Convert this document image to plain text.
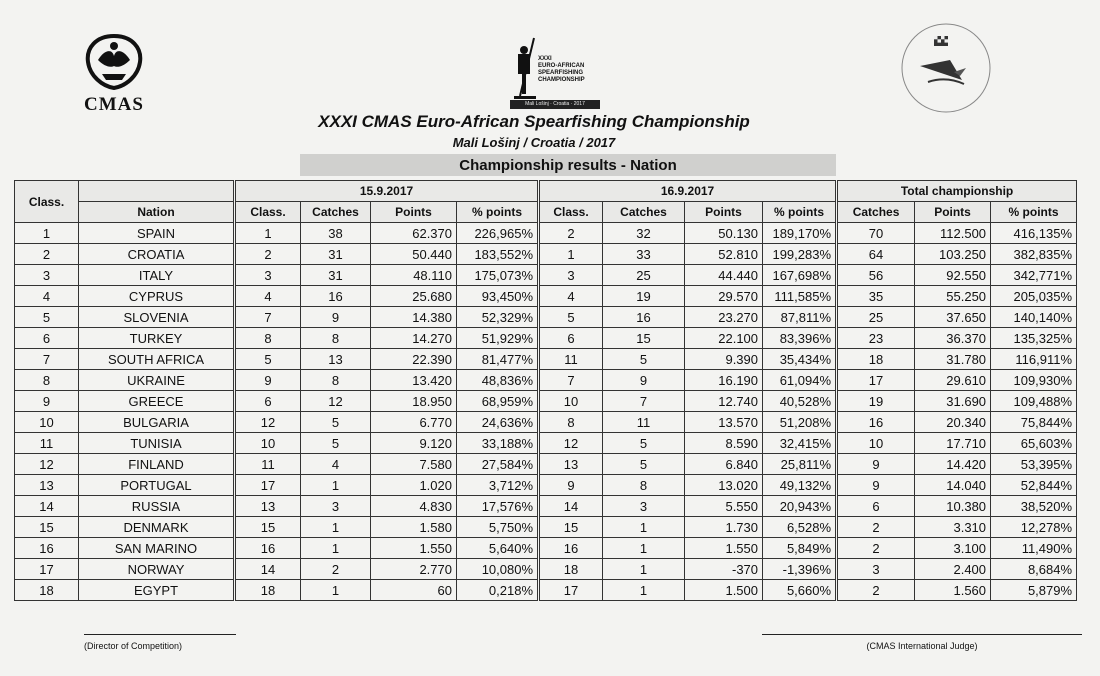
CMAS
XXXI
EURO-AFRICAN
SPEARFISHING
CHAMPIONSHIP
Mali Lošinj · Croatia · 2017
XXXI CMAS Euro-African Spearfishing Championship
Mali Lošinj / Croatia / 2017
Championship results - Nation
Class.		15.9.2017				16.9.2017				Total championship		
	Nation	Class.	Catches	Points	% points	Class.	Catches	Points	% points	Catches	Points	% points
1	SPAIN	1	38	62.370	226,965%	2	32	50.130	189,170%	70	112.500	416,135%
2	CROATIA	2	31	50.440	183,552%	1	33	52.810	199,283%	64	103.250	382,835%
3	ITALY	3	31	48.110	175,073%	3	25	44.440	167,698%	56	92.550	342,771%
4	CYPRUS	4	16	25.680	93,450%	4	19	29.570	111,585%	35	55.250	205,035%
5	SLOVENIA	7	9	14.380	52,329%	5	16	23.270	87,811%	25	37.650	140,140%
6	TURKEY	8	8	14.270	51,929%	6	15	22.100	83,396%	23	36.370	135,325%
7	SOUTH AFRICA	5	13	22.390	81,477%	11	5	9.390	35,434%	18	31.780	116,911%
8	UKRAINE	9	8	13.420	48,836%	7	9	16.190	61,094%	17	29.610	109,930%
9	GREECE	6	12	18.950	68,959%	10	7	12.740	40,528%	19	31.690	109,488%
10	BULGARIA	12	5	6.770	24,636%	8	11	13.570	51,208%	16	20.340	75,844%
11	TUNISIA	10	5	9.120	33,188%	12	5	8.590	32,415%	10	17.710	65,603%
12	FINLAND	11	4	7.580	27,584%	13	5	6.840	25,811%	9	14.420	53,395%
13	PORTUGAL	17	1	1.020	3,712%	9	8	13.020	49,132%	9	14.040	52,844%
14	RUSSIA	13	3	4.830	17,576%	14	3	5.550	20,943%	6	10.380	38,520%
15	DENMARK	15	1	1.580	5,750%	15	1	1.730	6,528%	2	3.310	12,278%
16	SAN MARINO	16	1	1.550	5,640%	16	1	1.550	5,849%	2	3.100	11,490%
17	NORWAY	14	2	2.770	10,080%	18	1	-370	-1,396%	3	2.400	8,684%
18	EGYPT	18	1	60	0,218%	17	1	1.500	5,660%	2	1.560	5,879%
(Director of Competition)	(CMAS International Judge)
